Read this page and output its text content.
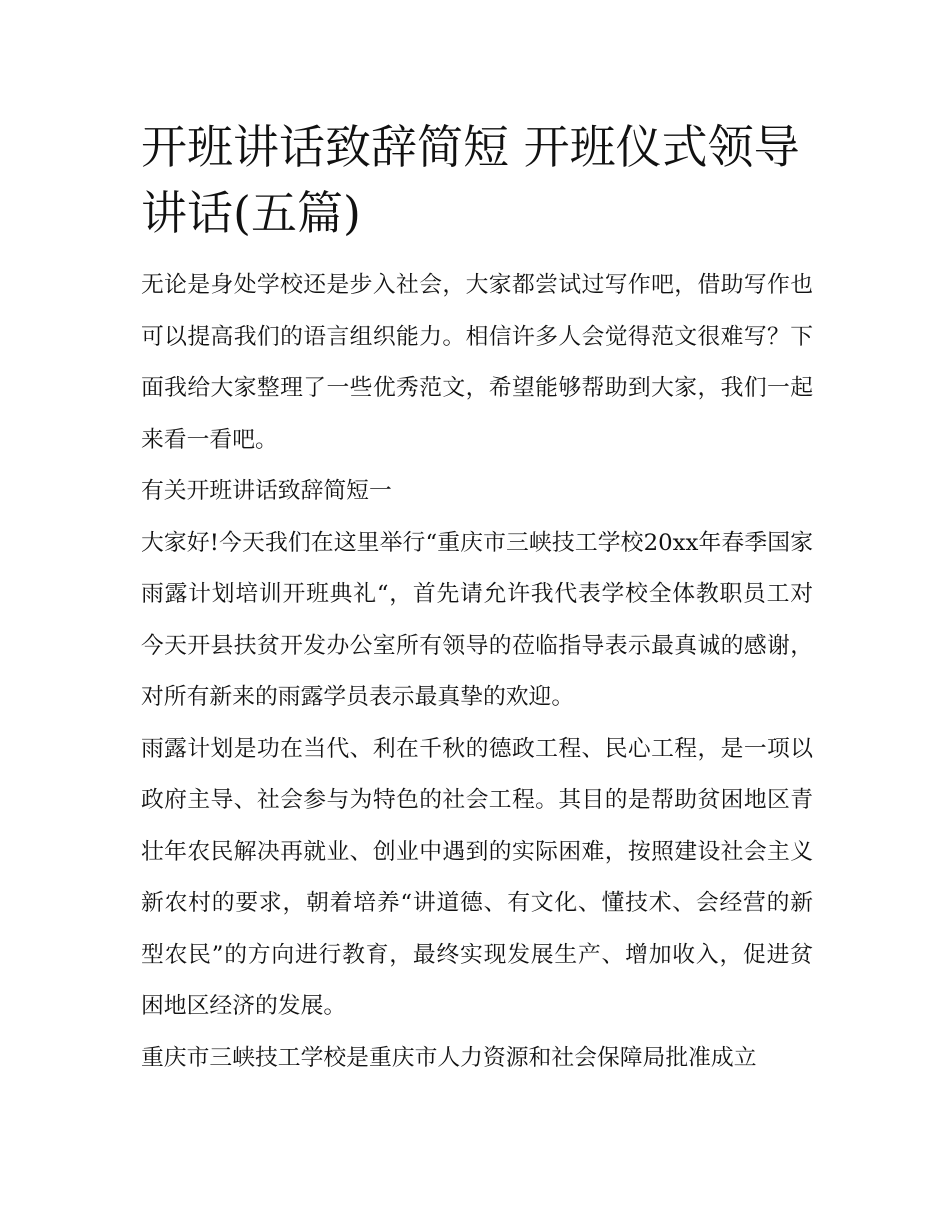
开班讲话致辞简短 开班仪式领导讲话(五篇)

无论是身处学校还是步入社会，大家都尝试过写作吧，借助写作也可以提高我们的语言组织能力。相信许多人会觉得范文很难写？下面我给大家整理了一些优秀范文，希望能够帮助到大家，我们一起来看一看吧。

有关开班讲话致辞简短一

大家好!今天我们在这里举行“重庆市三峡技工学校20xx年春季国家雨露计划培训开班典礼“，首先请允许我代表学校全体教职员工对今天开县扶贫开发办公室所有领导的莅临指导表示最真诚的感谢，对所有新来的雨露学员表示最真挚的欢迎。

雨露计划是功在当代、利在千秋的德政工程、民心工程，是一项以政府主导、社会参与为特色的社会工程。其目的是帮助贫困地区青壮年农民解决再就业、创业中遇到的实际困难，按照建设社会主义新农村的要求，朝着培养“讲道德、有文化、懂技术、会经营的新型农民”的方向进行教育，最终实现发展生产、增加收入，促进贫困地区经济的发展。

重庆市三峡技工学校是重庆市人力资源和社会保障局批准成立
